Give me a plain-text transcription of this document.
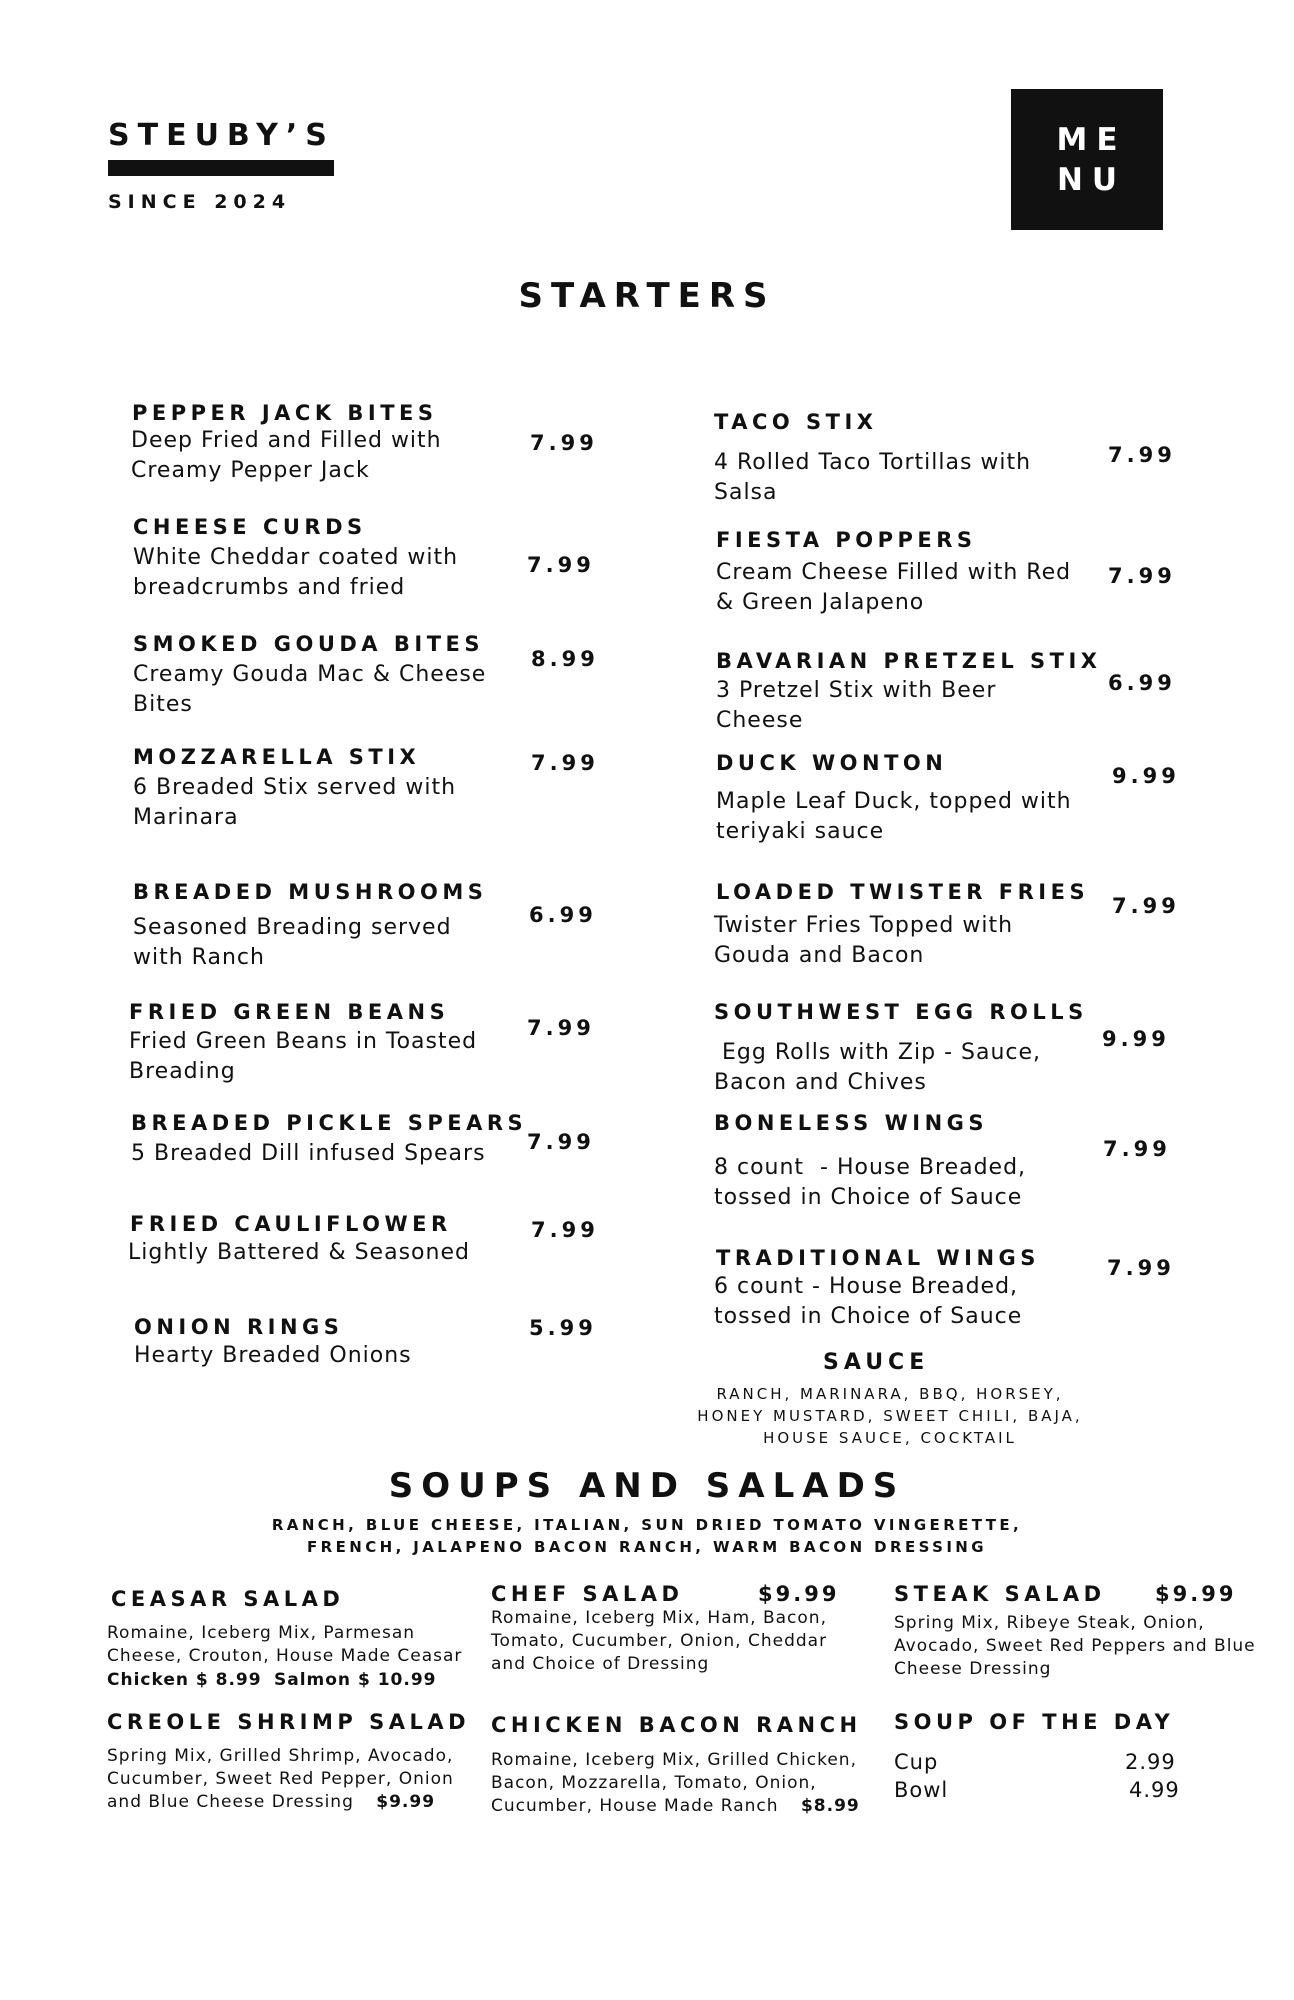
STEUBY’S
SINCE 2024
ME
NU
STARTERS
PEPPER JACK BITES
Deep Fried and Filled with Creamy Pepper Jack
7.99
CHEESE CURDS
White Cheddar coated with breadcrumbs and fried
7.99
SMOKED GOUDA BITES
Creamy Gouda Mac & Cheese Bites
8.99
MOZZARELLA STIX
6 Breaded Stix served with Marinara
7.99
BREADED MUSHROOMS
Seasoned Breading served with Ranch
6.99
FRIED GREEN BEANS
Fried Green Beans in Toasted Breading
7.99
BREADED PICKLE SPEARS
5 Breaded Dill infused Spears	7.99
FRIED CAULIFLOWER
Lightly Battered & Seasoned
7.99
ONION RINGS
Hearty Breaded Onions
5.99
TACO STIX
4 Rolled Taco Tortillas with Salsa
7.99
FIESTA POPPERS
Cream Cheese Filled with Red & Green Jalapeno
7.99
BAVARIAN PRETZEL STIX
3 Pretzel Stix with Beer Cheese
6.99
DUCK WONTON
Maple Leaf Duck, topped with teriyaki sauce
9.99
LOADED TWISTER FRIES
Twister Fries Topped with Gouda and Bacon
7.99
SOUTHWEST EGG ROLLS
Egg Rolls with Zip - Sauce, Bacon and Chives
9.99
BONELESS WINGS
8 count  - House Breaded, tossed in Choice of Sauce
7.99
TRADITIONAL WINGS
6 count - House Breaded, tossed in Choice of Sauce
7.99
SAUCE
RANCH, MARINARA, BBQ, HORSEY, HONEY MUSTARD, SWEET CHILI, BAJA, HOUSE SAUCE, COCKTAIL
SOUPS AND SALADS
RANCH, BLUE CHEESE, ITALIAN, SUN DRIED TOMATO VINGERETTE,
FRENCH, JALAPENO BACON RANCH, WARM BACON DRESSING
CEASAR SALAD
Romaine, Iceberg Mix, Parmesan Cheese, Crouton, House Made Ceasar
Chicken $ 8.99 Salmon $ 10.99
CHEF SALAD	$9.99
Romaine, Iceberg Mix, Ham, Bacon, Tomato, Cucumber, Onion, Cheddar and Choice of Dressing
STEAK SALAD $9.99
Spring Mix, Ribeye Steak, Onion, Avocado, Sweet Red Peppers and Blue Cheese Dressing
CREOLE SHRIMP SALAD
Spring Mix, Grilled Shrimp, Avocado, Cucumber, Sweet Red Pepper, Onion and Blue Cheese Dressing $9.99
CHICKEN BACON RANCH
Romaine, Iceberg Mix, Grilled Chicken, Bacon, Mozzarella, Tomato, Onion, Cucumber, House Made Ranch $8.99
SOUP OF THE DAY
Cup	2.99
Bowl	4.99
